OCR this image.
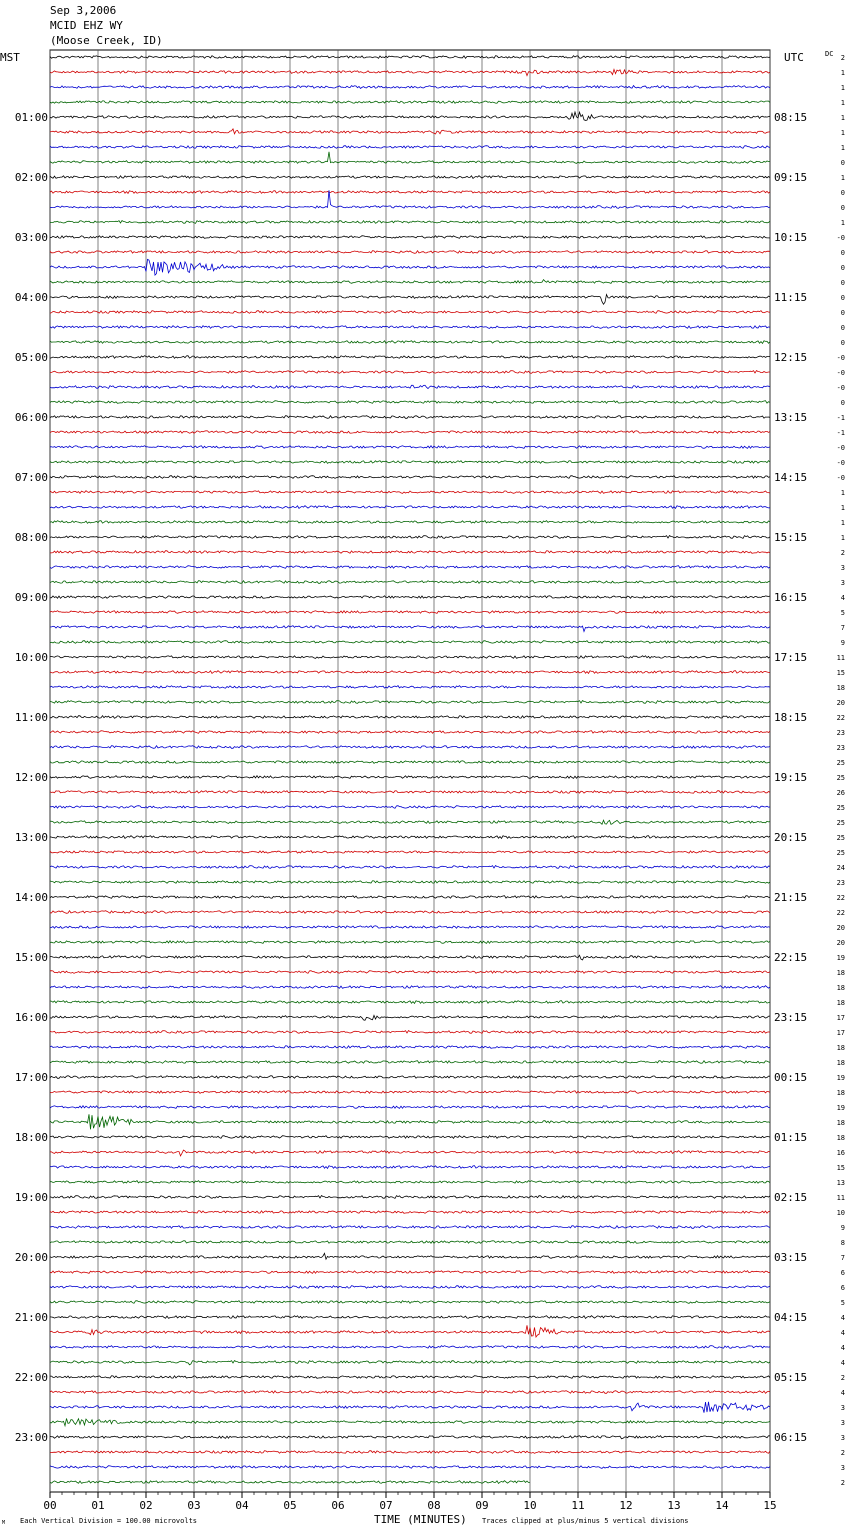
Sep 3,2006
MCID EHZ WY
(Moose Creek, ID)
MST	UTC	DC
TIME (MINUTES)
Each Vertical Division = 100.00 microvolts	Traces clipped at plus/minus 5 vertical divisions
M
00	01	02	03	04	05	06	07	08	09	10	11	12	13	14	15
01:00	08:15
02:00	09:15
03:00	10:15
04:00	11:15
05:00	12:15
06:00	13:15
07:00	14:15
08:00	15:15
09:00	16:15
10:00	17:15
11:00	18:15
12:00	19:15
13:00	20:15
14:00	21:15
15:00	22:15
16:00	23:15
17:00	00:15
18:00	01:15
19:00	02:15
20:00	03:15
21:00	04:15
22:00	05:15
23:00	06:15
2
1
1
1
1
1
1
0
1
0
0
1
-0
0
0
0
0
0
0
0
-0
-0
-0
0
-1
-1
-0
-0
-0
1
1
1
1
2
3
3
4
5
7
9
11
15
18
20
22
23
23
25
25
26
25
25
25
25
24
23
22
22
20
20
19
18
18
18
17
17
18
18
19
18
19
18
18
16
15
13
11
10
9
8
7
6
6
5
4
4
4
4
2
4
3
3
3
2
3
2
